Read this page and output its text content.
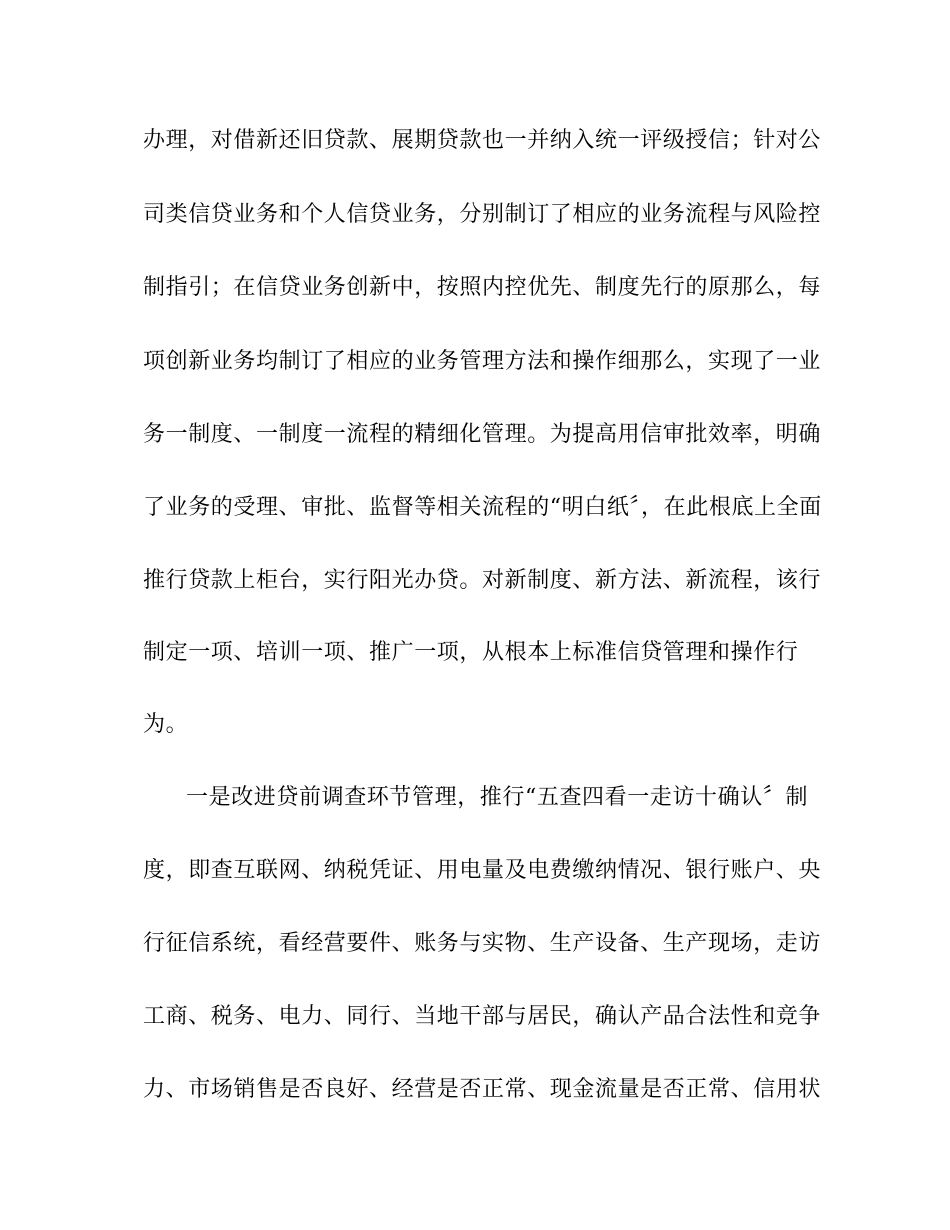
办理，对借新还旧贷款、展期贷款也一并纳入统一评级授信；针对公
司类信贷业务和个人信贷业务，分别制订了相应的业务流程与风险控
制指引；在信贷业务创新中，按照内控优先、制度先行的原那么，每
项创新业务均制订了相应的业务管理方法和操作细那么，实现了一业
务一制度、一制度一流程的精细化管理。为提高用信审批效率，明确
了业务的受理、审批、监督等相关流程的“明白纸〞，在此根底上全面
推行贷款上柜台，实行阳光办贷。对新制度、新方法、新流程，该行
制定一项、培训一项、推广一项，从根本上标准信贷管理和操作行
为。
一是改进贷前调查环节管理，推行“五查四看一走访十确认〞制
度，即查互联网、纳税凭证、用电量及电费缴纳情况、银行账户、央
行征信系统，看经营要件、账务与实物、生产设备、生产现场，走访
工商、税务、电力、同行、当地干部与居民，确认产品合法性和竞争
力、市场销售是否良好、经营是否正常、现金流量是否正常、信用状
